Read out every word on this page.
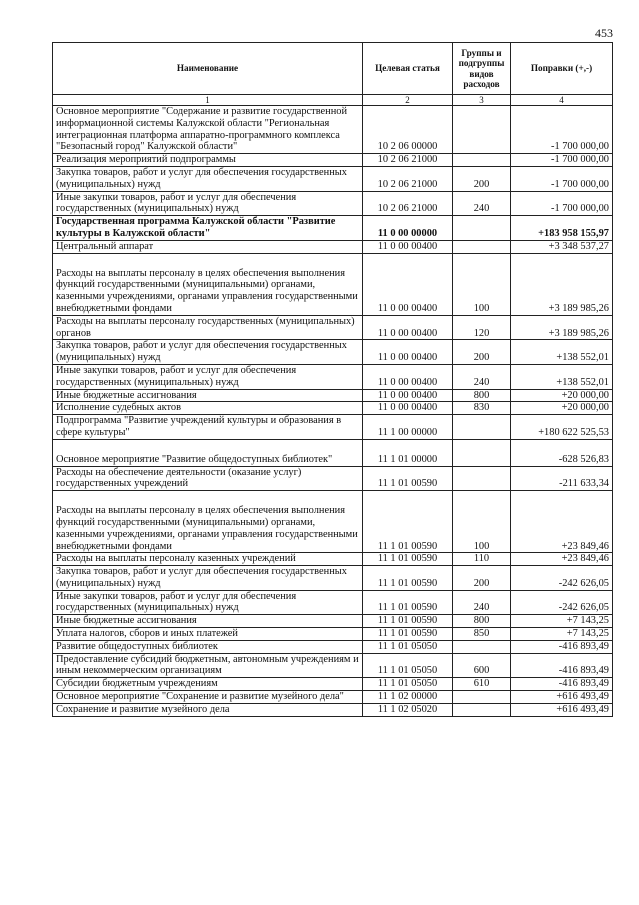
453
Наименование	Целевая статья	Группы и подгруппы видов расходов	Поправки (+,-)
1	2	3	4
Основное мероприятие "Содержание и развитие государственной информационной системы Калужской области "Региональная интеграционная платформа аппаратно-программного комплекса "Безопасный город" Калужской области"	10 2 06 00000		-1 700 000,00
Реализация мероприятий подпрограммы	10 2 06 21000		-1 700 000,00
Закупка товаров, работ и услуг для обеспечения государственных (муниципальных) нужд	10 2 06 21000	200	-1 700 000,00
Иные закупки товаров, работ и услуг для обеспечения государственных (муниципальных) нужд	10 2 06 21000	240	-1 700 000,00
Государственная программа Калужской области "Развитие культуры в Калужской области"	11 0 00 00000		+183 958 155,97
Центральный аппарат	11 0 00 00400		+3 348 537,27
Расходы на выплаты персоналу в целях обеспечения выполнения функций государственными (муниципальными) органами, казенными учреждениями, органами управления государственными внебюджетными фондами	11 0 00 00400	100	+3 189 985,26
Расходы на выплаты персоналу государственных (муниципальных) органов	11 0 00 00400	120	+3 189 985,26
Закупка товаров, работ и услуг для обеспечения государственных (муниципальных) нужд	11 0 00 00400	200	+138 552,01
Иные закупки товаров, работ и услуг для обеспечения государственных (муниципальных) нужд	11 0 00 00400	240	+138 552,01
Иные бюджетные ассигнования	11 0 00 00400	800	+20 000,00
Исполнение судебных актов	11 0 00 00400	830	+20 000,00
Подпрограмма "Развитие учреждений культуры и образования в сфере культуры"	11 1 00 00000		+180 622 525,53
Основное мероприятие "Развитие общедоступных библиотек"	11 1 01 00000		-628 526,83
Расходы на обеспечение деятельности (оказание услуг) государственных учреждений	11 1 01 00590		-211 633,34
Расходы на выплаты персоналу в целях обеспечения выполнения функций государственными (муниципальными) органами, казенными учреждениями, органами управления государственными внебюджетными фондами	11 1 01 00590	100	+23 849,46
Расходы на выплаты персоналу казенных учреждений	11 1 01 00590	110	+23 849,46
Закупка товаров, работ и услуг для обеспечения государственных (муниципальных) нужд	11 1 01 00590	200	-242 626,05
Иные закупки товаров, работ и услуг для обеспечения государственных (муниципальных) нужд	11 1 01 00590	240	-242 626,05
Иные бюджетные ассигнования	11 1 01 00590	800	+7 143,25
Уплата налогов, сборов и иных платежей	11 1 01 00590	850	+7 143,25
Развитие общедоступных библиотек	11 1 01 05050		-416 893,49
Предоставление субсидий бюджетным, автономным учреждениям и иным некоммерческим организациям	11 1 01 05050	600	-416 893,49
Субсидии бюджетным учреждениям	11 1 01 05050	610	-416 893,49
Основное мероприятие "Сохранение и развитие музейного дела"	11 1 02 00000		+616 493,49
Сохранение и развитие музейного дела	11 1 02 05020		+616 493,49
